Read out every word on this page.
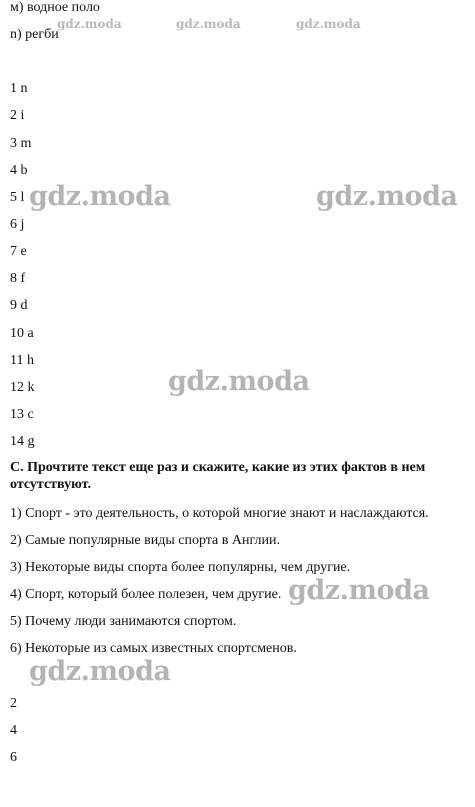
м) водное поло
n) регби
1 n
2 i
3 m
4 b
5 l
6 j
7 e
8 f
9 d
10 a
11 h
12 k
13 c
14 g
C. Прочтите текст еще раз и скажите, какие из этих фактов в нем отсутствуют.
1) Спорт - это деятельность, о которой многие знают и наслаждаются.
2) Самые популярные виды спорта в Англии.
3) Некоторые виды спорта более популярны, чем другие.
4) Спорт, который более полезен, чем другие.
5) Почему люди занимаются спортом.
6) Некоторые из самых известных спортсменов.
2
4
6
gdz.moda	gdz.moda	gdz.moda
gdz.moda	gdz.moda
gdz.moda
gdz.moda
gdz.moda
